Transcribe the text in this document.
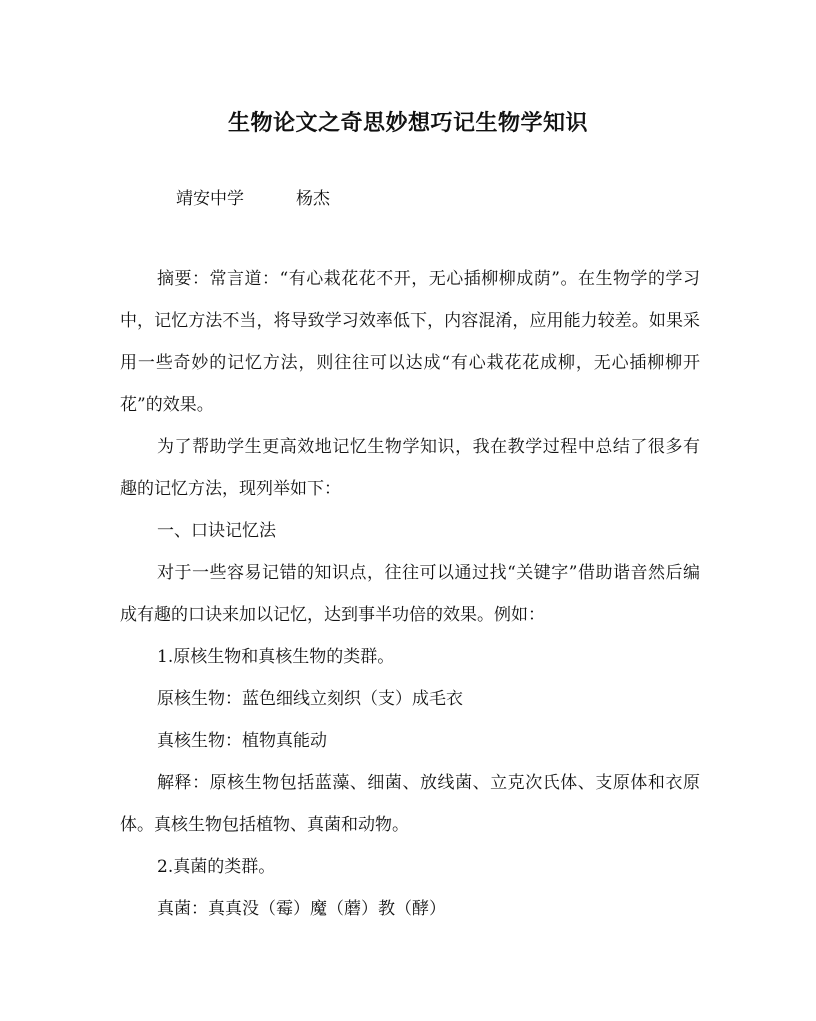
生物论文之奇思妙想巧记生物学知识
靖安中学	杨杰

摘要：常言道：“有心栽花花不开，无心插柳柳成荫”。在生物学的学习中，记忆方法不当，将导致学习效率低下，内容混淆，应用能力较差。如果采用一些奇妙的记忆方法，则往往可以达成“有心栽花花成柳，无心插柳柳开花”的效果。

为了帮助学生更高效地记忆生物学知识，我在教学过程中总结了很多有趣的记忆方法，现列举如下：

一、口诀记忆法

对于一些容易记错的知识点，往往可以通过找“关键字”借助谐音然后编成有趣的口诀来加以记忆，达到事半功倍的效果。例如：

1.原核生物和真核生物的类群。
原核生物：蓝色细线立刻织（支）成毛衣
真核生物：植物真能动

解释：原核生物包括蓝藻、细菌、放线菌、立克次氏体、支原体和衣原体。真核生物包括植物、真菌和动物。

2.真菌的类群。
真菌：真真没（霉）魔（蘑）教（酵）
